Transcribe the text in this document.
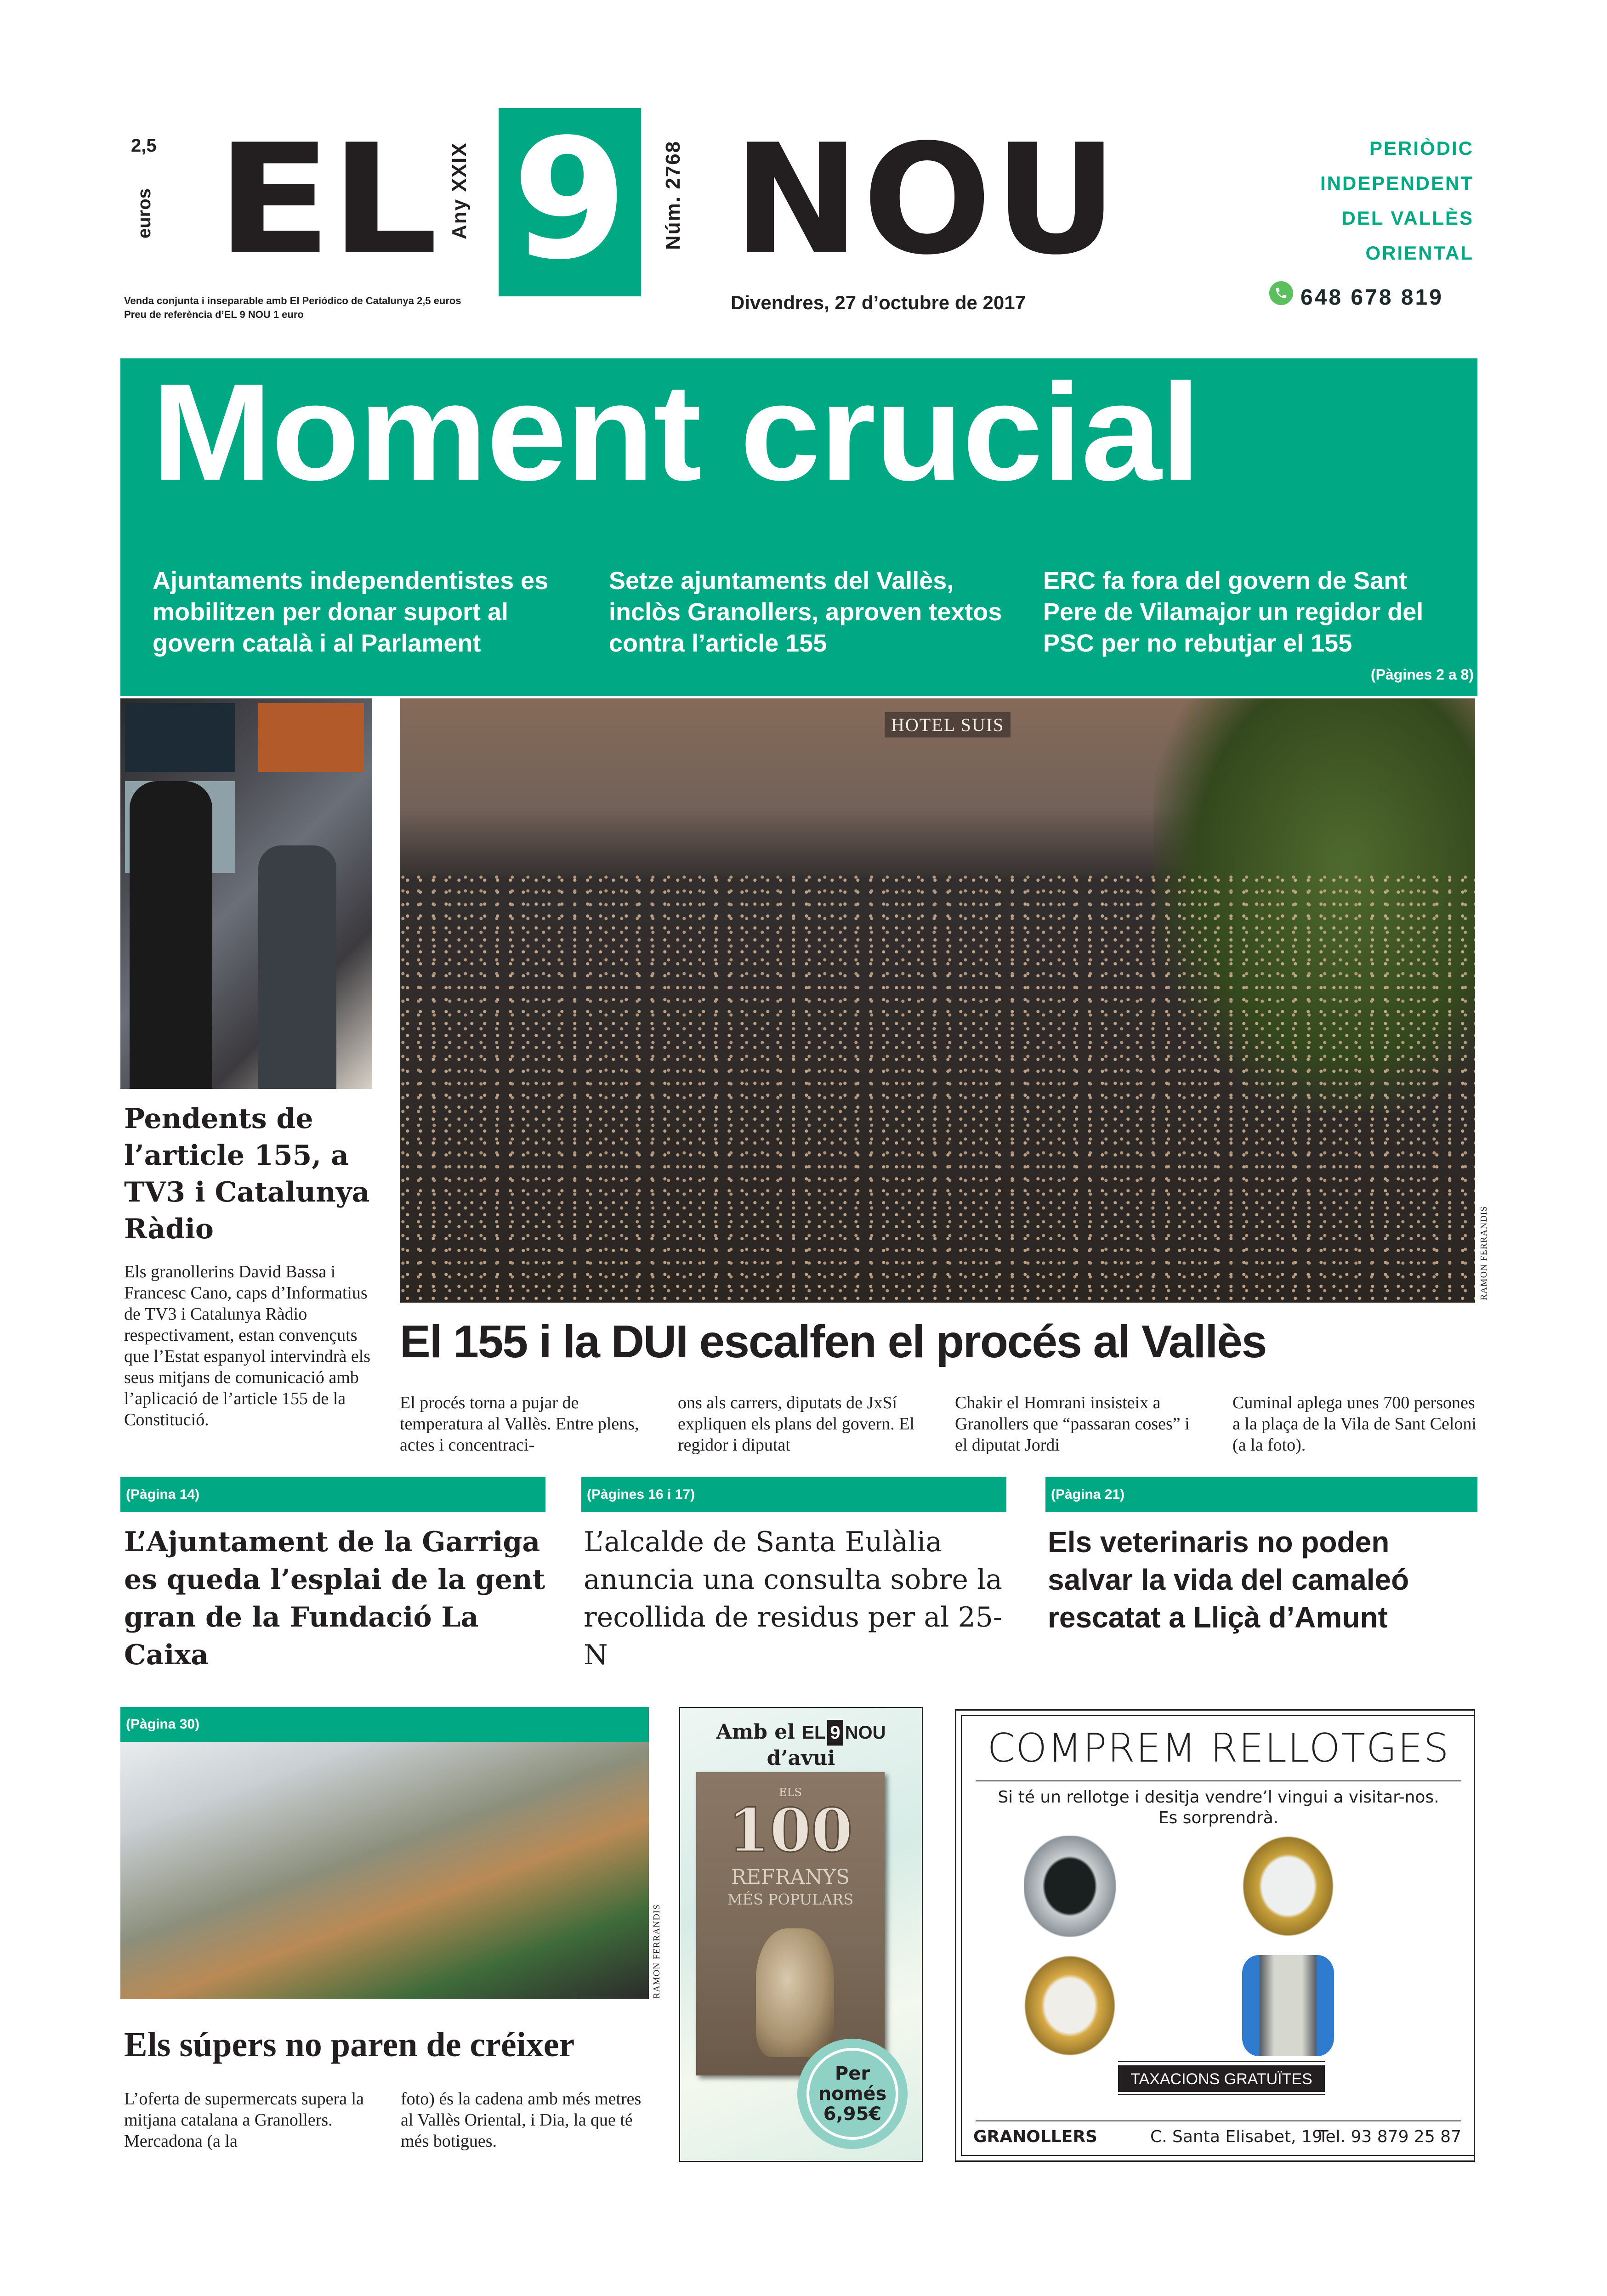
2,5
euros EL Any XXIX 9	Núm. 2768 NOU
Venda conjunta i inseparable amb El Periódico de Catalunya 2,5 euros
Preu de referència d’EL 9 NOU 1 euro
Divendres, 27 d’octubre de 2017
PERIÒDIC
INDEPENDENT
DEL VALLÈS
ORIENTAL
648 678 819
Moment crucial
Ajuntaments independentistes es mobilitzen per donar suport al govern català i al Parlament
Setze ajuntaments del Vallès, inclòs Granollers, aproven textos contra l’article 155
ERC fa fora del govern de Sant Pere de Vilamajor un regidor del PSC per no rebutjar el 155
(Pàgines 2 a 8)
HOTEL SUIS
RAMON FERRANDIS
Pendents de l’article 155, a TV3 i Catalunya Ràdio
Els granollerins David Bassa i Francesc Cano, caps d’Informatius de TV3 i Catalunya Ràdio respectivament, estan convençuts que l’Estat espanyol intervindrà els seus mitjans de comunicació amb l’aplicació de l’article 155 de la Constitució.
El 155 i la DUI escalfen el procés al Vallès
El procés torna a pujar de temperatura al Vallès. Entre plens, actes i concentraci-
ons als carrers, diputats de JxSí expliquen els plans del govern. El regidor i diputat
Chakir el Homrani insisteix a Granollers que “passaran coses” i el diputat Jordi
Cuminal aplega unes 700 persones a la plaça de la Vila de Sant Celoni (a la foto).
(Pàgina 14)	(Pàgines 16 i 17)	(Pàgina 21)
L’Ajuntament de la Garriga es queda l’esplai de la gent gran de la Fundació La Caixa
L’alcalde de Santa Eulàlia anuncia una consulta sobre la recollida de residus per al 25-N
Els veterinaris no poden salvar la vida del camaleó rescatat a Lliçà d’Amunt
(Pàgina 30)
RAMON FERRANDIS
Els súpers no paren de créixer
L’oferta de supermercats supera la mitjana catalana a Granollers. Mercadona (a la
foto) és la cadena amb més metres al Vallès Oriental, i Dia, la que té més botigues.
Amb el EL 9 NOU
d’avui
ELS
100
REFRANYS
MÉS POPULARS
Per
només
6,95€
COMPREM RELLOTGES
Si té un rellotge i desitja vendre’l vingui a visitar-nos.
Es sorprendrà.
TAXACIONS GRATUÏTES
GRANOLLERS	C. Santa Elisabet, 19
Tel. 93 879 25 87
